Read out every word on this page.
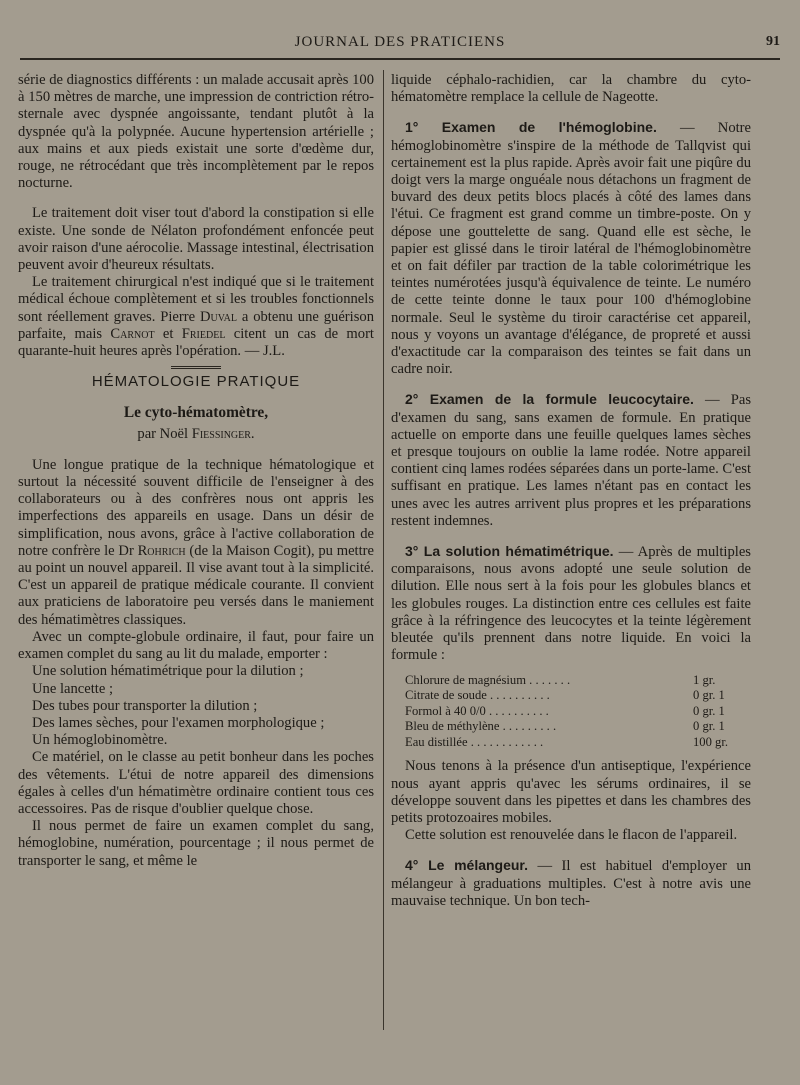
JOURNAL DES PRATICIENS	91

série de diagnostics différents : un malade accusait après 100 à 150 mètres de marche, une impression de contriction rétro-sternale avec dyspnée angoissante, tendant plutôt à la dyspnée qu'à la polypnée. Aucune hypertension artérielle ; aux mains et aux pieds existait une sorte d'œdème dur, rouge, ne rétrocédant que très incomplètement par le repos nocturne.

Le traitement doit viser tout d'abord la constipation si elle existe. Une sonde de Nélaton profondément enfoncée peut avoir raison d'une aérocolie. Massage intestinal, électrisation peuvent avoir d'heureux résultats.

Le traitement chirurgical n'est indiqué que si le traitement médical échoue complètement et si les troubles fonctionnels sont réellement graves. Pierre Duval a obtenu une guérison parfaite, mais Carnot et Friedel citent un cas de mort quarante-huit heures après l'opération. — J.L.

HÉMATOLOGIE PRATIQUE
Le cyto-hématomètre,
par Noël Fiessinger.

Une longue pratique de la technique hématologique et surtout la nécessité souvent difficile de l'enseigner à des collaborateurs ou à des confrères nous ont appris les imperfections des appareils en usage. Dans un désir de simplification, nous avons, grâce à l'active collaboration de notre confrère le Dr Rohrich (de la Maison Cogit), pu mettre au point un nouvel appareil. Il vise avant tout à la simplicité. C'est un appareil de pratique médicale courante. Il convient aux praticiens de laboratoire peu versés dans le maniement des hématimètres classiques.

Avec un compte-globule ordinaire, il faut, pour faire un examen complet du sang au lit du malade, emporter :

Une solution hématimétrique pour la dilution ;

Une lancette ;

Des tubes pour transporter la dilution ;

Des lames sèches, pour l'examen morphologique ;

Un hémoglobinomètre.

Ce matériel, on le classe au petit bonheur dans les poches des vêtements. L'étui de notre appareil des dimensions égales à celles d'un hématimètre ordinaire contient tous ces accessoires. Pas de risque d'oublier quelque chose.

Il nous permet de faire un examen complet du sang, hémoglobine, numération, pourcentage ; il nous permet de transporter le sang, et même le

liquide céphalo-rachidien, car la chambre du cyto-hématomètre remplace la cellule de Nageotte.

1° Examen de l'hémoglobine. — Notre hémoglobinomètre s'inspire de la méthode de Tallqvist qui certainement est la plus rapide. Après avoir fait une piqûre du doigt vers la marge onguéale nous détachons un fragment de buvard des deux petits blocs placés à côté des lames dans l'étui. Ce fragment est grand comme un timbre-poste. On y dépose une gouttelette de sang. Quand elle est sèche, le papier est glissé dans le tiroir latéral de l'hémoglobinomètre et on fait défiler par traction de la table colorimétrique les teintes numérotées jusqu'à équivalence de teinte. Le numéro de cette teinte donne le taux pour 100 d'hémoglobine normale. Seul le système du tiroir caractérise cet appareil, nous y voyons un avantage d'élégance, de propreté et aussi d'exactitude car la comparaison des teintes se fait dans un cadre noir.

2° Examen de la formule leucocytaire. — Pas d'examen du sang, sans examen de formule. En pratique actuelle on emporte dans une feuille quelques lames sèches et presque toujours on oublie la lame rodée. Notre appareil contient cinq lames rodées séparées dans un porte-lame. C'est suffisant en pratique. Les lames n'étant pas en contact les unes avec les autres arrivent plus propres et les préparations restent indemnes.

3° La solution hématimétrique. — Après de multiples comparaisons, nous avons adopté une seule solution de dilution. Elle nous sert à la fois pour les globules blancs et les globules rouges. La distinction entre ces cellules est faite grâce à la réfringence des leucocytes et la teinte légèrement bleutée qu'ils prennent dans notre liquide. En voici la formule :

Chlorure de magnésium . . . . . . .	1 gr.
Citrate de soude . . . . . . . . . .	0 gr. 1
Formol à 40 0/0 . . . . . . . . . .	0 gr. 1
Bleu de méthylène . . . . . . . . .	0 gr. 1
Eau distillée . . . . . . . . . . . .	100 gr.

Nous tenons à la présence d'un antiseptique, l'expérience nous ayant appris qu'avec les sérums ordinaires, il se développe souvent dans les pipettes et dans les chambres des petits protozoaires mobiles.

Cette solution est renouvelée dans le flacon de l'appareil.

4° Le mélangeur. — Il est habituel d'employer un mélangeur à graduations multiples. C'est à notre avis une mauvaise technique. Un bon tech-
